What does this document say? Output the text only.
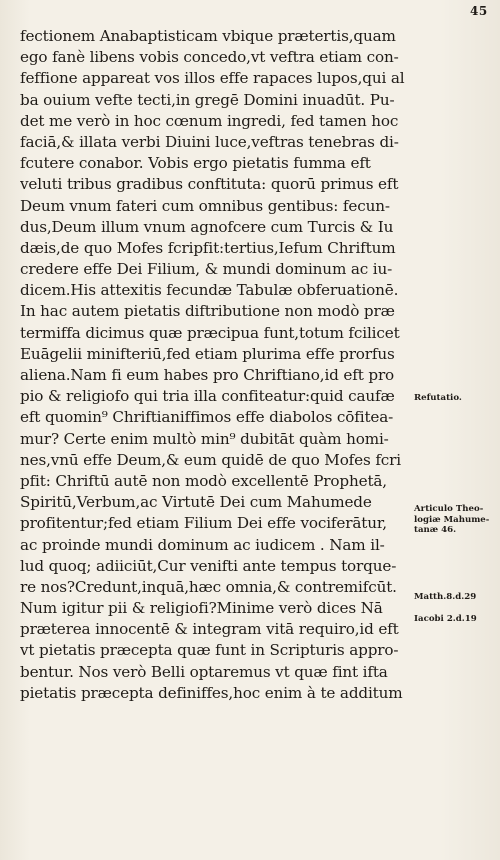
45
fectionem Anabaptisticam vbique prætertis,quam
ego fanè libens vobis concedo,vt veftra etiam con-
feffione appareat vos illos effe rapaces lupos,qui al
ba ouium vefte tecti,in gregē Domini inuadūt. Pu-
det me verò in hoc cœnum ingredi, fed tamen hoc
faciā,& illata verbi Diuini luce,veftras tenebras di-
fcutere conabor. Vobis ergo pietatis fumma eft
veluti tribus gradibus conftituta: quorū primus eft
Deum vnum fateri cum omnibus gentibus: fecun-
dus,Deum illum vnum agnofcere cum Turcis & Iu
dæis,de quo Mofes fcripfit:tertius,Iefum Chriftum
credere effe Dei Filium, & mundi dominum ac iu-
dicem.His attexitis fecundæ Tabulæ obferuationē.
In hac autem pietatis diftributione non modò præ
termiffa dicimus quæ præcipua funt,totum fcilicet
Euāgelii minifteriū,fed etiam plurima effe prorfus
aliena.Nam fi eum habes pro Chriftiano,id eft pro
pio & religiofo qui tria illa confiteatur:quid caufæ
eft quomin⁹ Chriftianiffimos effe diabolos cōfitea-
mur? Certe enim multò min⁹ dubitāt quàm homi-
nes,vnū effe Deum,& eum quidē de quo Mofes fcri
pfit: Chriftū autē non modò excellentē Prophetā,
Spiritū,Verbum,ac Virtutē Dei cum Mahumede
profitentur;fed etiam Filium Dei effe vociferātur,
ac proinde mundi dominum ac iudicem . Nam il-
lud quoq; adiiciūt,Cur venifti ante tempus torque-
re nos?Credunt,inquā,hæc omnia,& contremifcūt.
Num igitur pii & religiofi?Minime verò dices Nā
præterea innocentē & integram vitā requiro,id eft
vt pietatis præcepta quæ funt in Scripturis appro-
bentur. Nos verò Belli optaremus vt quæ fint ifta
pietatis præcepta definiffes,hoc enim à te additum
Refutatio.
Articulo Theo-
logiæ Mahume-
tanæ 46.
Matth.8.d.29
Iacobi 2.d.19
